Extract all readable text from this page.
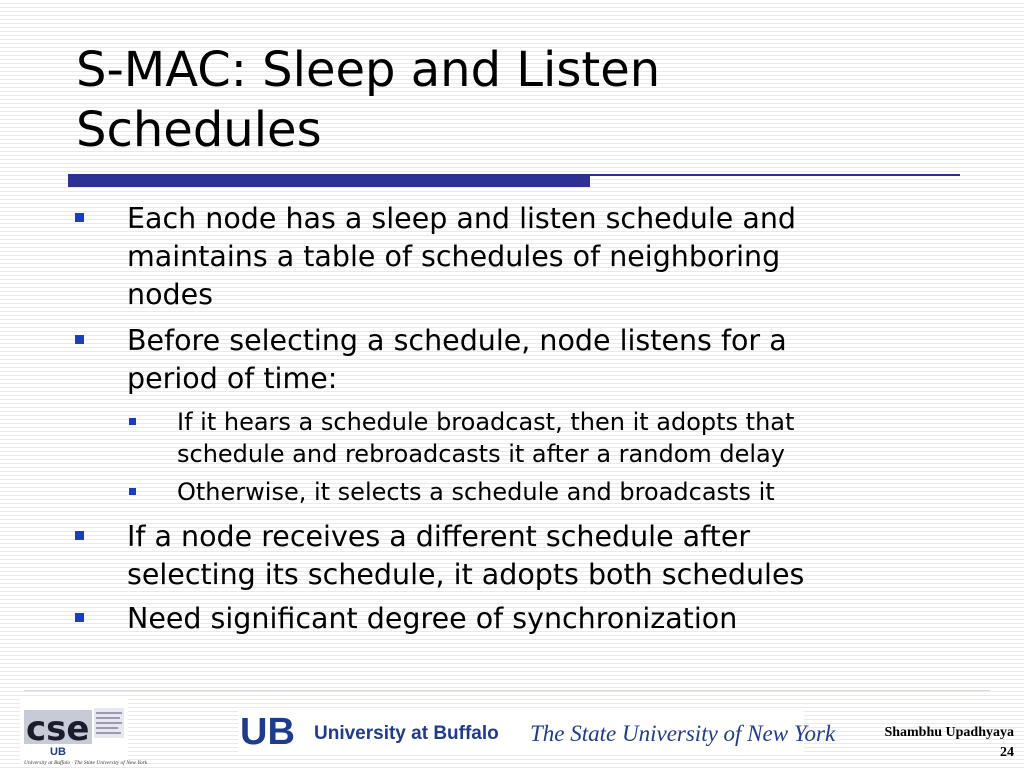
S-MAC: Sleep and Listen
Schedules
Each node has a sleep and listen schedule and
maintains a table of schedules of neighboring
nodes
Before selecting a schedule, node listens for a
period of time:
If it hears a schedule broadcast, then it adopts that
schedule and rebroadcasts it after a random delay
Otherwise, it selects a schedule and broadcasts it
If a node receives a different schedule after
selecting its schedule, it adopts both schedules
Need significant degree of synchronization
cse
UB
University at Buffalo · The State University of New York
UB University at Buffalo The State University of New York	Shambhu Upadhyaya
24
